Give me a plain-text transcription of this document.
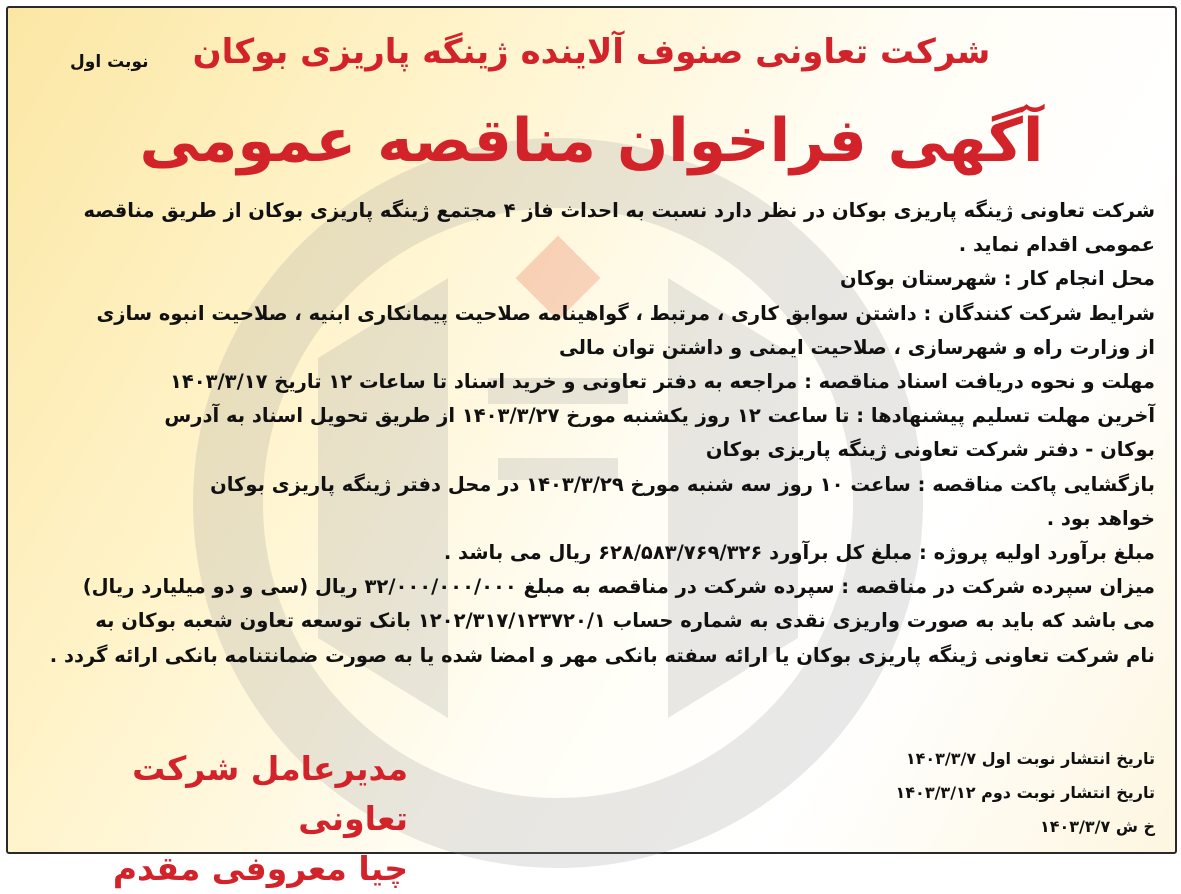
نوبت اول	شرکت تعاونی صنوف آلاینده ژینگه پاریزی بوکان
آگهی فراخوان مناقصه عمومی
شرکت تعاونی ژینگه پاریزی بوکان در نظر دارد نسبت به احداث فاز ۴ مجتمع ژینگه پاریزی بوکان از طریق مناقصه
عمومی اقدام نماید .
محل انجام کار : شهرستان بوکان
شرایط شرکت کنندگان : داشتن سوابق کاری ، مرتبط ، گواهینامه صلاحیت پیمانکاری ابنیه ، صلاحیت انبوه سازی
از وزارت راه و شهرسازی ، صلاحیت ایمنی و داشتن توان مالی
مهلت و نحوه دریافت اسناد مناقصه : مراجعه به دفتر تعاونی و خرید اسناد تا ساعات ۱۲ تاریخ ۱۴۰۳/۳/۱۷
آخرین مهلت تسلیم پیشنهادها : تا ساعت ۱۲ روز یکشنبه مورخ ۱۴۰۳/۳/۲۷ از طریق تحویل اسناد به آدرس
بوکان - دفتر شرکت تعاونی ژینگه پاریزی بوکان
بازگشایی پاکت مناقصه : ساعت ۱۰ روز سه شنبه مورخ ۱۴۰۳/۳/۲۹ در محل دفتر ژینگه پاریزی بوکان
خواهد بود .
مبلغ برآورد اولیه پروژه : مبلغ کل برآورد ۶۲۸/۵۸۳/۷۶۹/۳۲۶ ریال می باشد .
میزان سپرده شرکت در مناقصه : سپرده شرکت در مناقصه به مبلغ ۳۲/۰۰۰/۰۰۰/۰۰۰ ریال (سی و دو میلیارد ریال)
می باشد که باید به صورت واریزی نقدی به شماره حساب ۱۲۰۲/۳۱۷/۱۲۳۷۲۰/۱ بانک توسعه تعاون شعبه بوکان به
نام شرکت تعاونی ژینگه پاریزی بوکان یا ارائه سفته بانکی مهر و امضا شده یا به صورت ضمانتنامه بانکی ارائه گردد .
تاریخ انتشار نوبت اول ۱۴۰۳/۳/۷
تاریخ انتشار نوبت دوم ۱۴۰۳/۳/۱۲
خ ش ۱۴۰۳/۳/۷
مدیرعامل شرکت تعاونی
چیا معروفی مقدم
